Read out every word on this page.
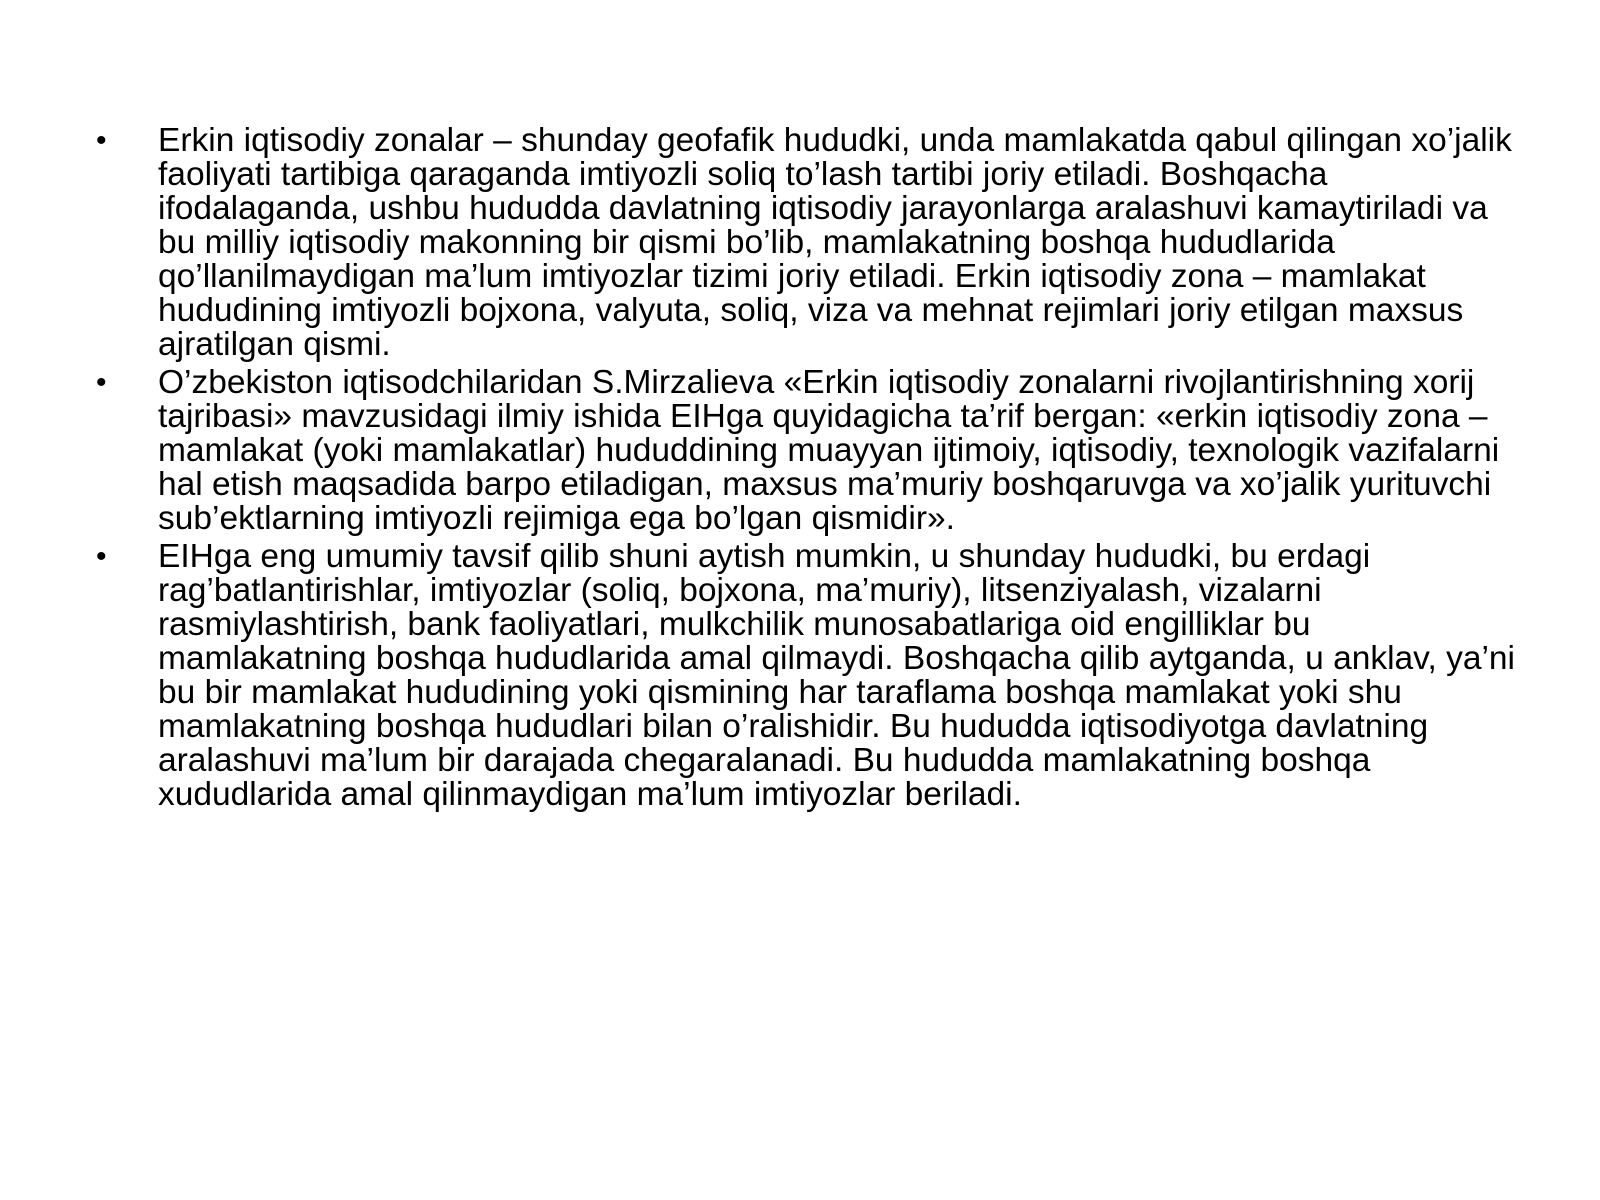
• Erkin iqtisodiy zonalar – shunday geofafik hududki, unda mamlakatda qabul qilingan xo’jalik faoliyati tartibiga qaraganda imtiyozli soliq to’lash tartibi joriy etiladi. Boshqacha ifodalaganda, ushbu hududda davlatning iqtisodiy jarayonlarga aralashuvi kamaytiriladi va bu milliy iqtisodiy makonning bir qismi bo’lib, mamlakatning boshqa hududlarida qo’llanilmaydigan ma’lum imtiyozlar tizimi joriy etiladi. Erkin iqtisodiy zona – mamlakat hududining imtiyozli bojxona, valyuta, soliq, viza va mehnat rejimlari joriy etilgan maxsus ajratilgan qismi.
• O’zbekiston iqtisodchilaridan S.Mirzalieva «Erkin iqtisodiy zonalarni rivojlantirishning xorij tajribasi» mavzusidagi ilmiy ishida EIHga quyidagicha ta’rif bergan: «erkin iqtisodiy zona – mamlakat (yoki mamlakatlar) hududdining muayyan ijtimoiy, iqtisodiy, texnologik vazifalarni hal etish maqsadida barpo etiladigan, maxsus ma’muriy boshqaruvga va xo’jalik yurituvchi sub’ektlarning imtiyozli rejimiga ega bo’lgan qismidir».
• EIHga eng umumiy tavsif qilib shuni aytish mumkin, u shunday hududki, bu erdagi rag’batlantirishlar, imtiyozlar (soliq, bojxona, ma’muriy), litsenziyalash, vizalarni rasmiylashtirish, bank faoliyatlari, mulkchilik munosabatlariga oid engilliklar bu mamlakatning boshqa hududlarida amal qilmaydi. Boshqacha qilib aytganda, u anklav, ya’ni bu bir mamlakat hududining yoki qismining har taraflama boshqa mamlakat yoki shu mamlakatning boshqa hududlari bilan o’ralishidir. Bu hududda iqtisodiyotga davlatning aralashuvi ma’lum bir darajada chegaralanadi. Bu hududda mamlakatning boshqa xududlarida amal qilinmaydigan ma’lum imtiyozlar beriladi.
